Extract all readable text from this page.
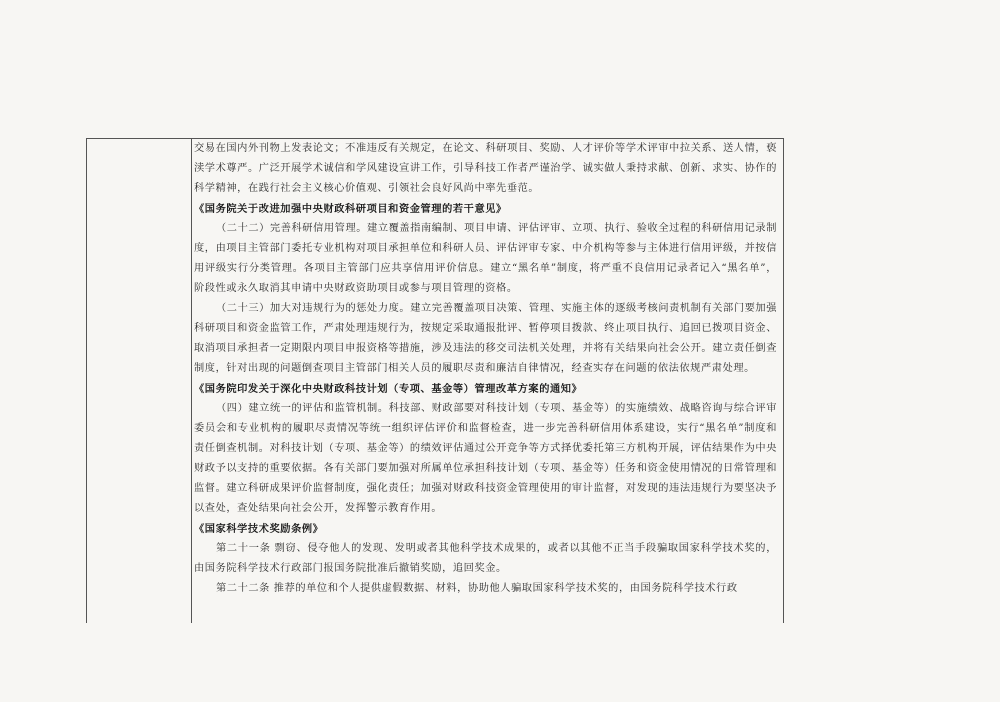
交易在国内外刊物上发表论文；不准违反有关规定，在论文、科研项目、奖励、人才评价等学术评审中拉关系、送人情，亵渎学术尊严。广泛开展学术诚信和学风建设宣讲工作，引导科技工作者严谨治学、诚实做人秉持求献、创新、求实、协作的科学精神，在践行社会主义核心价值观、引领社会良好风尚中率先垂范。

《国务院关于改进加强中央财政科研项目和资金管理的若干意见》

（二十二）完善科研信用管理。建立覆盖指南编制、项目申请、评估评审、立项、执行、验收全过程的科研信用记录制度，由项目主管部门委托专业机构对项目承担单位和科研人员、评估评审专家、中介机构等参与主体进行信用评级，并按信用评级实行分类管理。各项目主管部门应共享信用评价信息。建立“黑名单”制度，将严重不良信用记录者记入“黑名单”，阶段性或永久取消其申请中央财政资助项目或参与项目管理的资格。

（二十三）加大对违规行为的惩处力度。建立完善覆盖项目决策、管理、实施主体的逐级考核问责机制有关部门要加强科研项目和资金监管工作，严肃处理违规行为，按规定采取通报批评、暂停项目拨款、终止项目执行、追回已拨项目资金、取消项目承担者一定期限内项目申报资格等措施，涉及违法的移交司法机关处理，并将有关结果向社会公开。建立责任倒查制度，针对出现的问题倒查项目主管部门相关人员的履职尽责和廉洁自律情况，经查实存在问题的依法依规严肃处理。

《国务院印发关于深化中央财政科技计划（专项、基金等）管理改革方案的通知》

（四）建立统一的评估和监管机制。科技部、财政部要对科技计划（专项、基金等）的实施绩效、战略咨询与综合评审委员会和专业机构的履职尽责情况等统一组织评估评价和监督检查，进一步完善科研信用体系建设，实行“黑名单”制度和责任倒查机制。对科技计划（专项、基金等）的绩效评估通过公开竞争等方式择优委托第三方机构开展，评估结果作为中央财政予以支持的重要依据。各有关部门要加强对所属单位承担科技计划（专项、基金等）任务和资金使用情况的日常管理和监督。建立科研成果评价监督制度，强化责任；加强对财政科技资金管理使用的审计监督，对发现的违法违规行为要坚决予以查处，查处结果向社会公开，发挥警示教育作用。

《国家科学技术奖励条例》

第二十一条 剽窃、侵夺他人的发现、发明或者其他科学技术成果的，或者以其他不正当手段骗取国家科学技术奖的，由国务院科学技术行政部门报国务院批准后撤销奖励，追回奖金。

第二十二条 推荐的单位和个人提供虚假数据、材料，协助他人骗取国家科学技术奖的，由国务院科学技术行政
